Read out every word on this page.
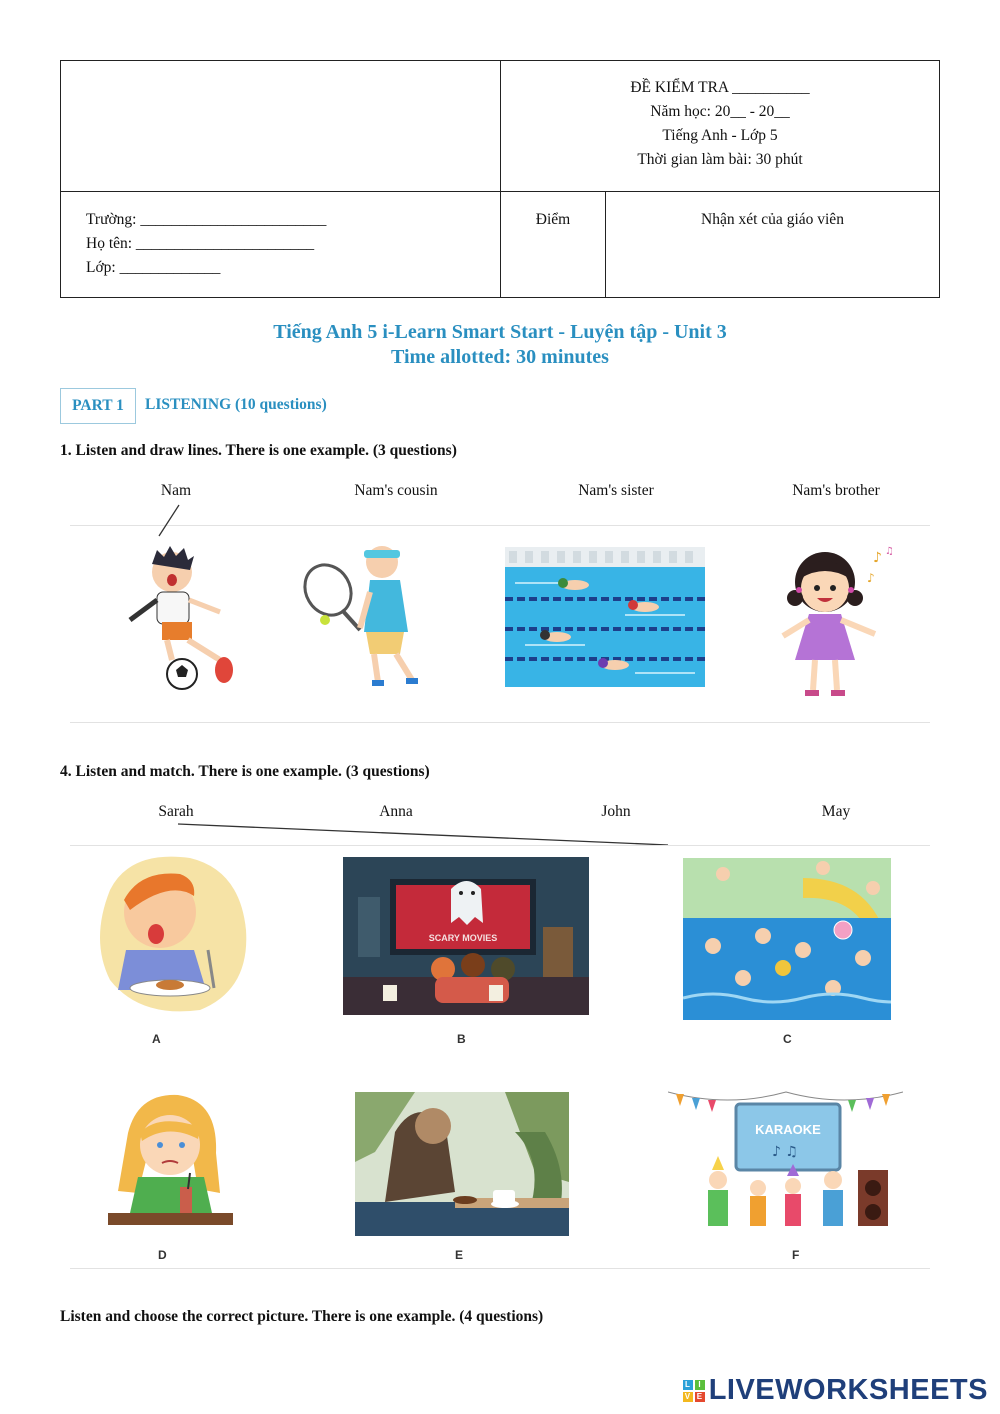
ĐỀ KIỂM TRA __________
Năm học: 20__ - 20__
Tiếng Anh - Lớp 5
Thời gian làm bài: 30 phút
Trường: ________________________
Họ tên: _______________________
Lớp: _____________
Điểm	Nhận xét của giáo viên
Tiếng Anh 5 i-Learn Smart Start - Luyện tập - Unit 3
Time allotted: 30 minutes
PART 1	LISTENING (10 questions)
1. Listen and draw lines. There is one example. (3 questions)
Nam	Nam's cousin	Nam's sister	Nam's brother
♪ ♫
♪
4. Listen and match. There is one example. (3 questions)
Sarah	Anna	John	May
A
SCARY MOVIES
B	C
D	E
KARAOKE
♪ ♫
F
Listen and choose the correct picture. There is one example. (4 questions)
L I
V E LIVEWORKSHEETS
